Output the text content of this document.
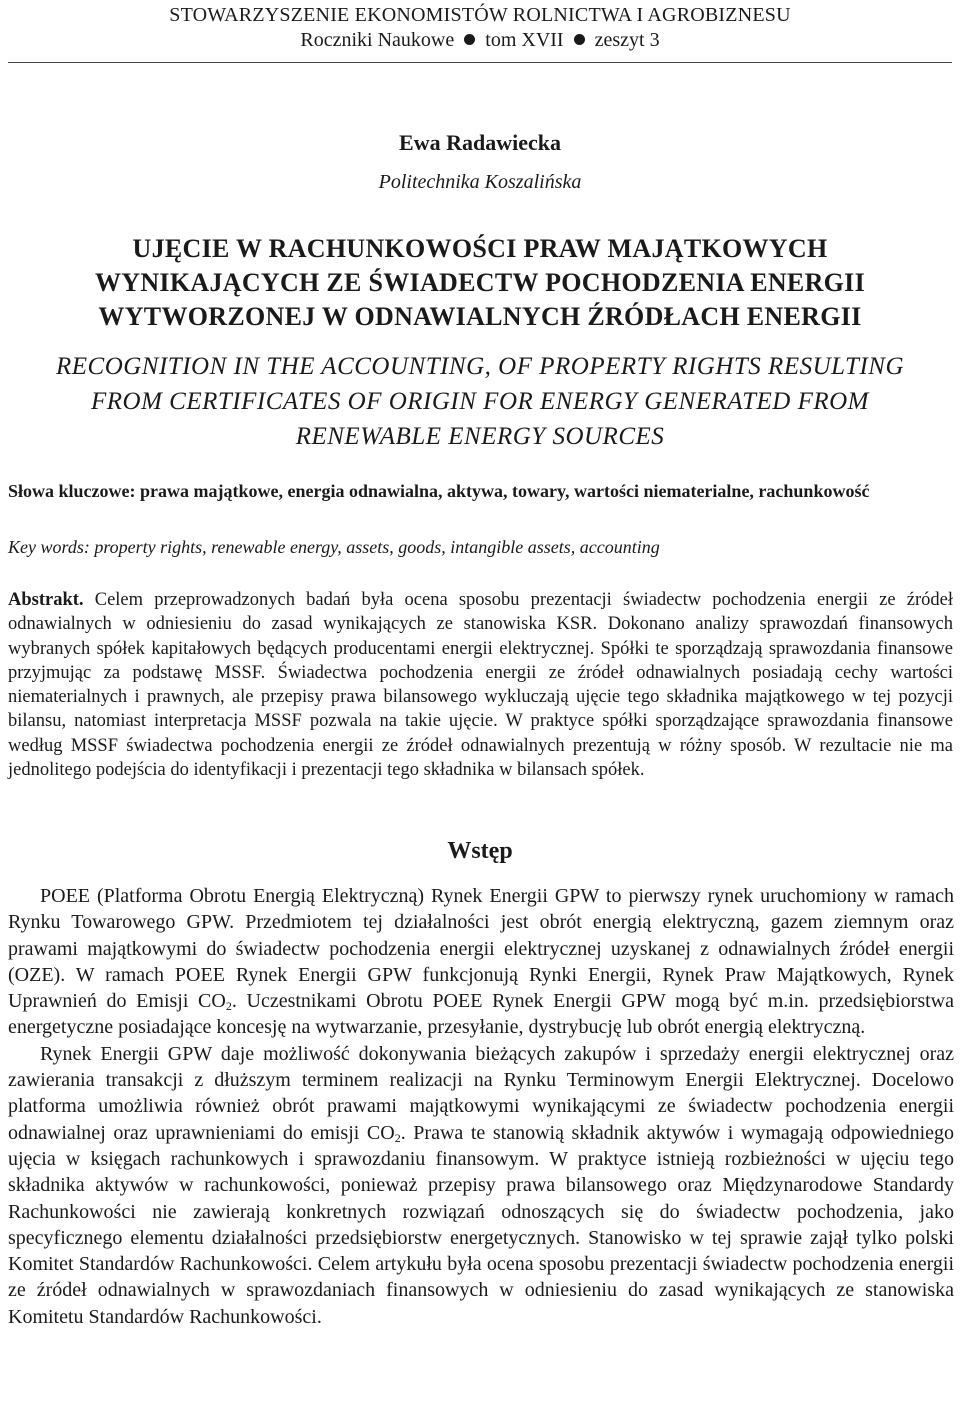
STOWARZYSZENIE EKONOMISTÓW ROLNICTWA I AGROBIZNESU
Roczniki Naukowe tom XVII zeszyt 3
Ewa Radawiecka
Politechnika Koszalińska
UJĘCIE W RACHUNKOWOŚCI PRAW MAJĄTKOWYCH
WYNIKAJĄCYCH ZE ŚWIADECTW POCHODZENIA ENERGII
WYTWORZONEJ W ODNAWIALNYCH ŹRÓDŁACH ENERGII
RECOGNITION IN THE ACCOUNTING, OF PROPERTY RIGHTS RESULTING
FROM CERTIFICATES OF ORIGIN FOR ENERGY GENERATED FROM
RENEWABLE ENERGY SOURCES
Słowa kluczowe: prawa majątkowe, energia odnawialna, aktywa, towary, wartości niematerialne, rachunkowość
Key words: property rights, renewable energy, assets, goods, intangible assets, accounting
Abstrakt. Celem przeprowadzonych badań była ocena sposobu prezentacji świadectw pochodzenia energii ze źródeł odnawialnych w odniesieniu do zasad wynikających ze stanowiska KSR. Dokonano analizy sprawozdań finansowych wybranych spółek kapitałowych będących producentami energii elektrycznej. Spółki te sporządzają sprawozdania finansowe przyjmując za podstawę MSSF. Świadectwa pochodzenia energii ze źródeł odnawialnych posiadają cechy wartości niematerialnych i prawnych, ale przepisy prawa bilansowego wykluczają ujęcie tego składnika majątkowego w tej pozycji bilansu, natomiast interpretacja MSSF pozwala na takie ujęcie. W praktyce spółki sporządzające sprawozdania finansowe według MSSF świadectwa pochodzenia energii ze źródeł odnawialnych prezentują w różny sposób. W rezultacie nie ma jednolitego podejścia do identyfikacji i prezentacji tego składnika w bilansach spółek.
Wstęp

POEE (Platforma Obrotu Energią Elektryczną) Rynek Energii GPW to pierwszy rynek uruchomiony w ramach Rynku Towarowego GPW. Przedmiotem tej działalności jest obrót energią elektryczną, gazem ziemnym oraz prawami majątkowymi do świadectw pochodzenia energii elektrycznej uzyskanej z odnawialnych źródeł energii (OZE). W ramach POEE Rynek Energii GPW funkcjonują Rynki Energii, Rynek Praw Majątkowych, Rynek Uprawnień do Emisji $CO_2$. Uczestnikami Obrotu POEE Rynek Energii GPW mogą być m.in. przedsiębiorstwa energetyczne posiadające koncesję na wytwarzanie, przesyłanie, dystrybucję lub obrót energią elektryczną.

Rynek Energii GPW daje możliwość dokonywania bieżących zakupów i sprzedaży energii elektrycznej oraz zawierania transakcji z dłuższym terminem realizacji na Rynku Terminowym Energii Elektrycznej. Docelowo platforma umożliwia również obrót prawami majątkowymi wynikającymi ze świadectw pochodzenia energii odnawialnej oraz uprawnieniami do emisji $CO_2$. Prawa te stanowią składnik aktywów i wymagają odpowiedniego ujęcia w księgach rachunkowych i sprawozdaniu finansowym. W praktyce istnieją rozbieżności w ujęciu tego składnika aktywów w rachunkowości, ponieważ przepisy prawa bilansowego oraz Międzynarodowe Standardy Rachunkowości nie zawierają konkretnych rozwiązań odnoszących się do świadectw pochodzenia, jako specyficznego elementu działalności przedsiębiorstw energetycznych. Stanowisko w tej sprawie zajął tylko polski Komitet Standardów Rachunkowości. Celem artykułu była ocena sposobu prezentacji świadectw pochodzenia energii ze źródeł odnawialnych w sprawozdaniach finansowych w odniesieniu do zasad wynikających ze stanowiska Komitetu Standardów Rachunkowości.
